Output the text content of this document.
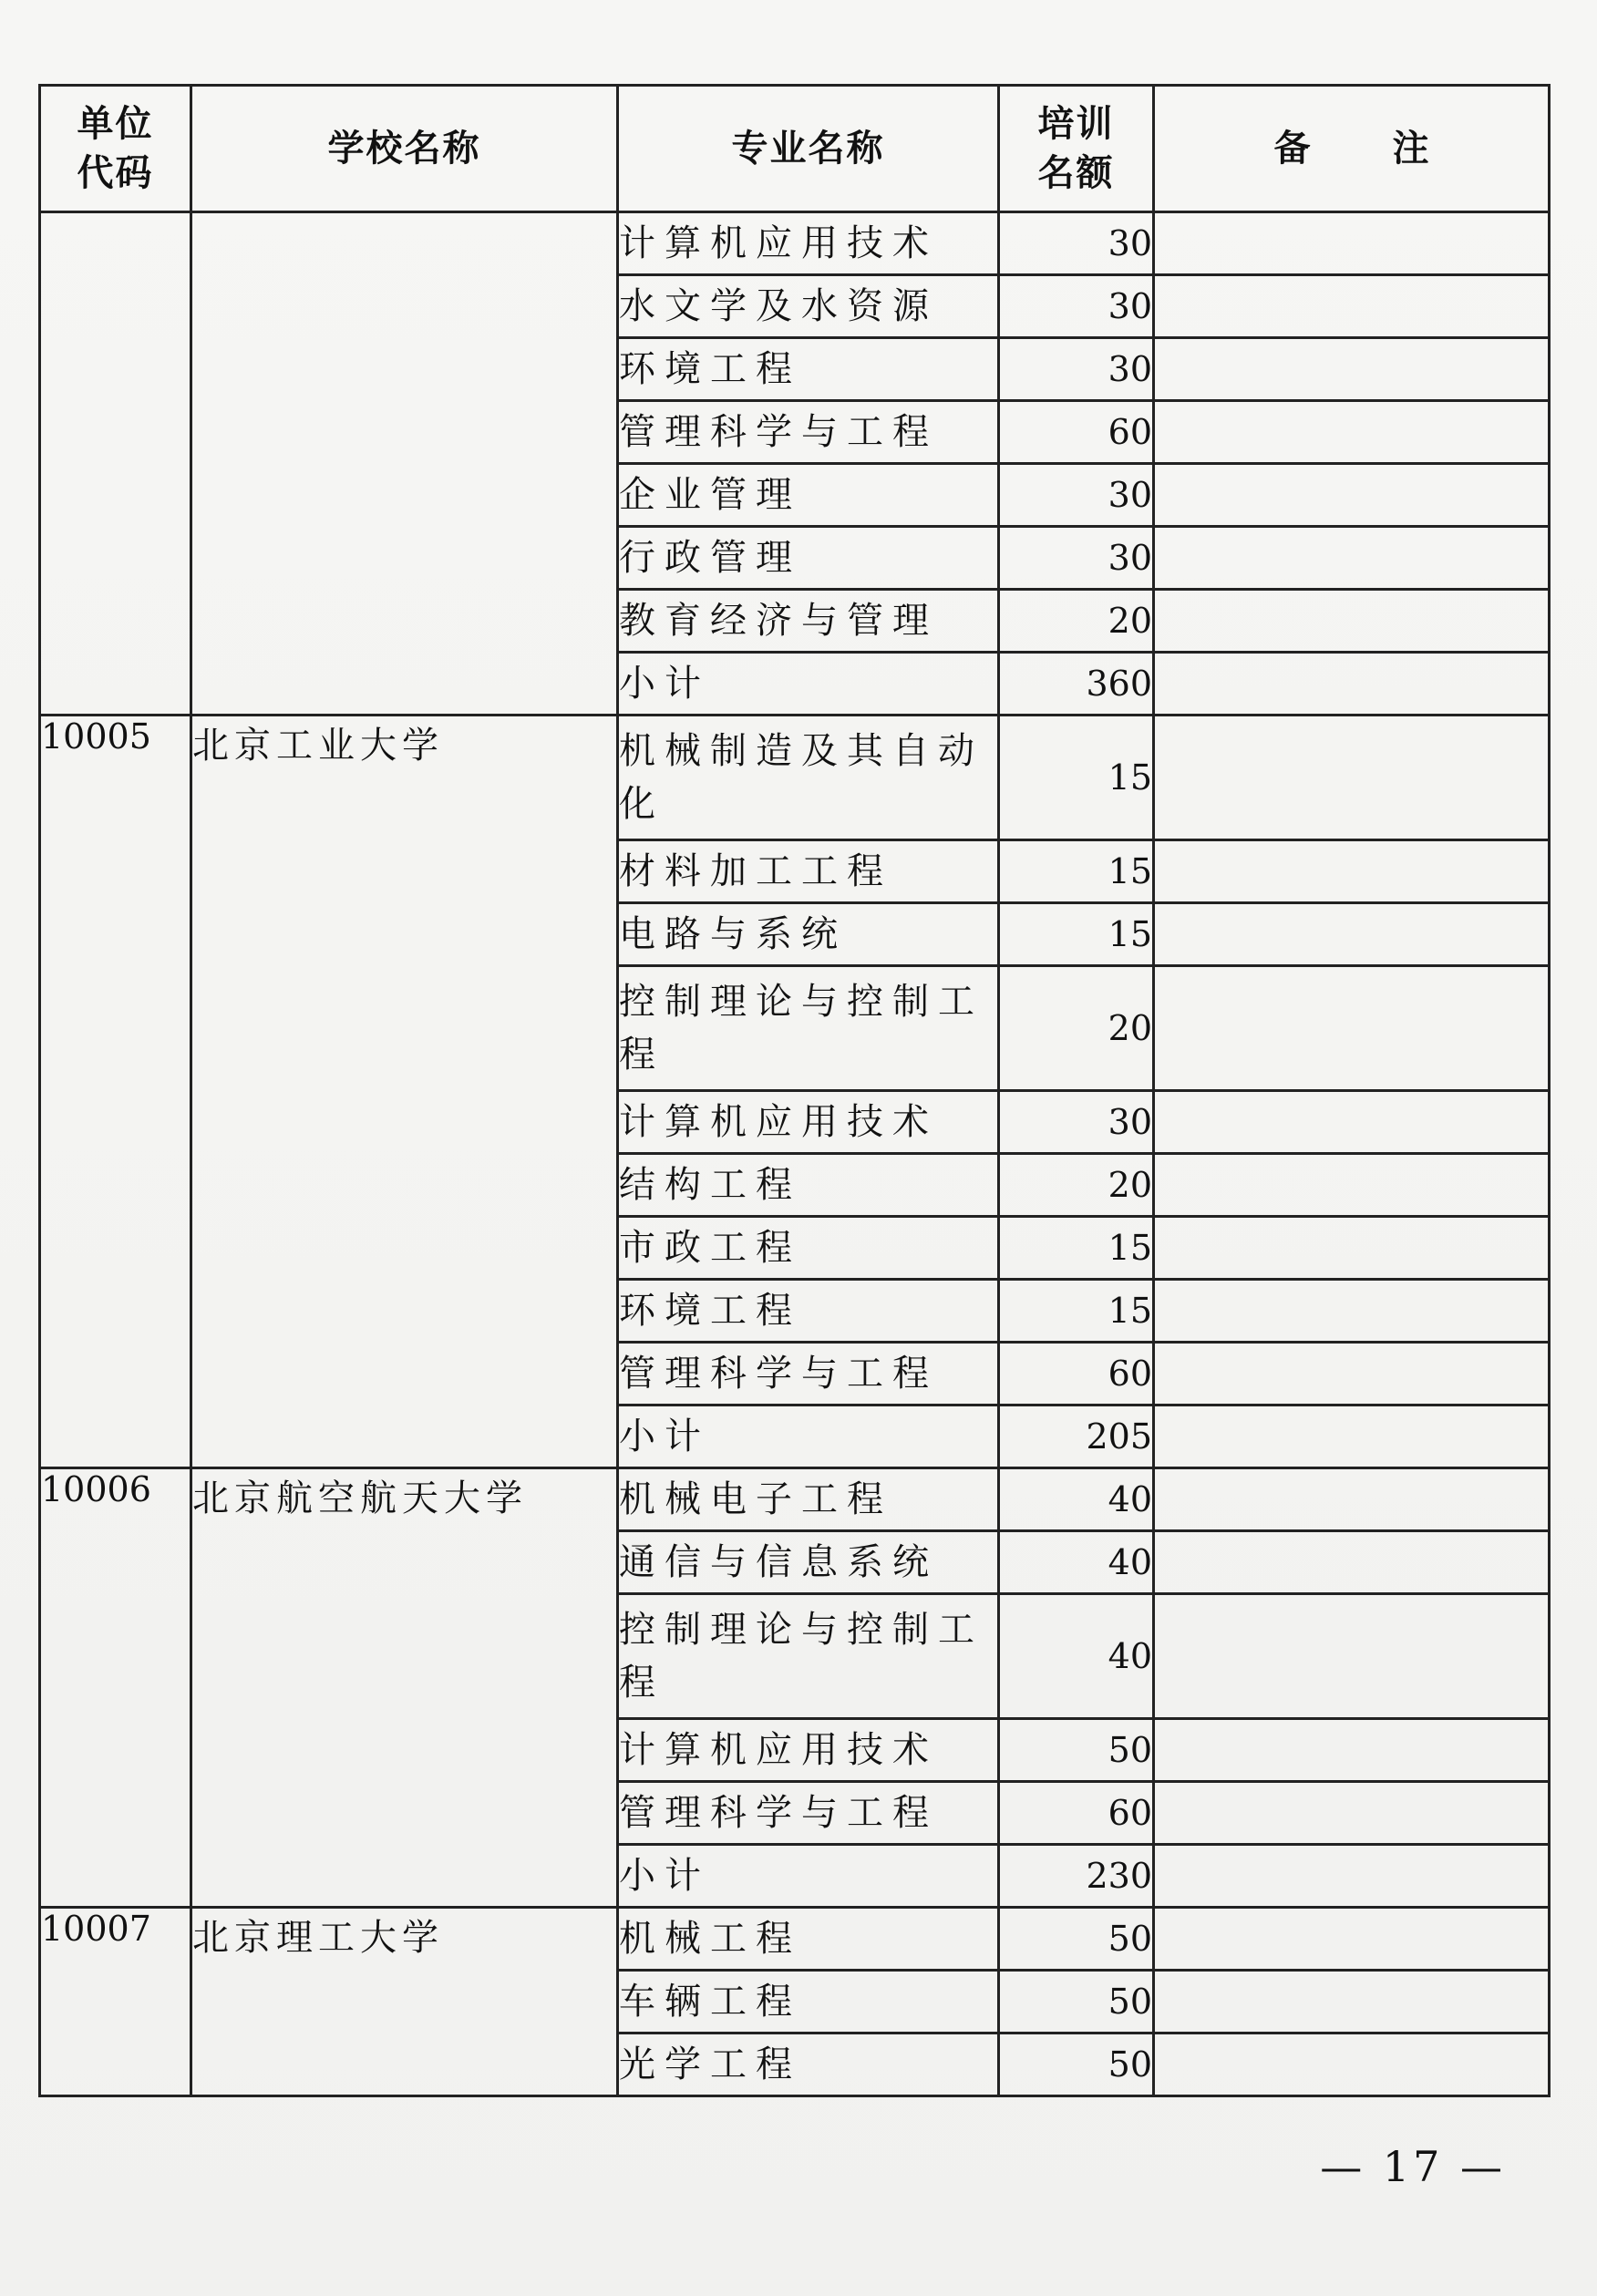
单位代码	学校名称	专业名称	培训名额	备注
		计算机应用技术	30	
		水文学及水资源	30	
		环境工程	30	
		管理科学与工程	60	
		企业管理	30	
		行政管理	30	
		教育经济与管理	20	
		小计	360	
10005	北京工业大学	机械制造及其自动化	15	
		材料加工工程	15	
		电路与系统	15	
		控制理论与控制工程	20	
		计算机应用技术	30	
		结构工程	20	
		市政工程	15	
		环境工程	15	
		管理科学与工程	60	
		小计	205	
10006	北京航空航天大学	机械电子工程	40	
		通信与信息系统	40	
		控制理论与控制工程	40	
		计算机应用技术	50	
		管理科学与工程	60	
		小计	230	
10007	北京理工大学	机械工程	50	
		车辆工程	50	
		光学工程	50	
— 17 —
